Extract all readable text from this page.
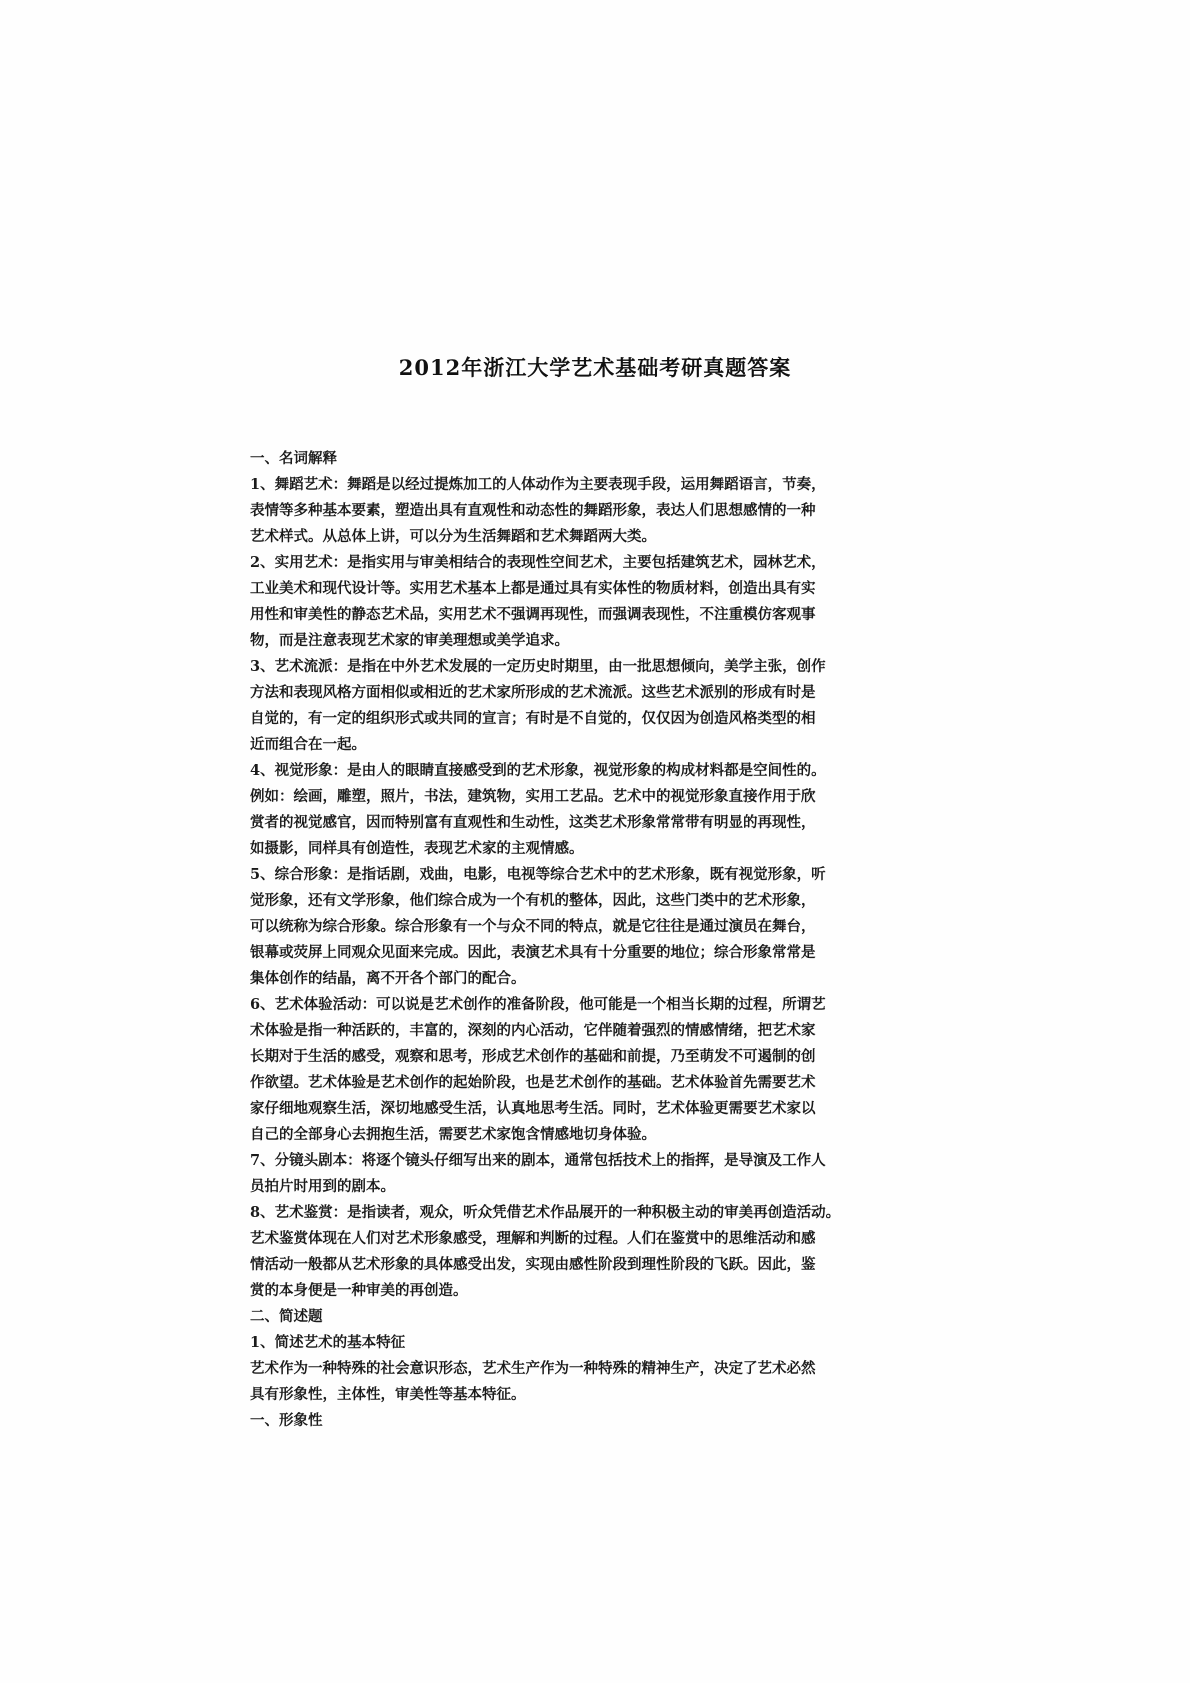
2012年浙江大学艺术基础考研真题答案
一、名词解释
1、舞蹈艺术：舞蹈是以经过提炼加工的人体动作为主要表现手段，运用舞蹈语言，节奏，
表情等多种基本要素，塑造出具有直观性和动态性的舞蹈形象，表达人们思想感情的一种
艺术样式。从总体上讲，可以分为生活舞蹈和艺术舞蹈两大类。
2、实用艺术：是指实用与审美相结合的表现性空间艺术，主要包括建筑艺术，园林艺术，
工业美术和现代设计等。实用艺术基本上都是通过具有实体性的物质材料，创造出具有实
用性和审美性的静态艺术品，实用艺术不强调再现性，而强调表现性，不注重模仿客观事
物，而是注意表现艺术家的审美理想或美学追求。
3、艺术流派：是指在中外艺术发展的一定历史时期里，由一批思想倾向，美学主张，创作
方法和表现风格方面相似或相近的艺术家所形成的艺术流派。这些艺术派别的形成有时是
自觉的，有一定的组织形式或共同的宣言；有时是不自觉的，仅仅因为创造风格类型的相
近而组合在一起。
4、视觉形象：是由人的眼睛直接感受到的艺术形象，视觉形象的构成材料都是空间性的。
例如：绘画，雕塑，照片，书法，建筑物，实用工艺品。艺术中的视觉形象直接作用于欣
赏者的视觉感官，因而特别富有直观性和生动性，这类艺术形象常常带有明显的再现性，
如摄影，同样具有创造性，表现艺术家的主观情感。
5、综合形象：是指话剧，戏曲，电影，电视等综合艺术中的艺术形象，既有视觉形象，听
觉形象，还有文学形象，他们综合成为一个有机的整体，因此，这些门类中的艺术形象，
可以统称为综合形象。综合形象有一个与众不同的特点，就是它往往是通过演员在舞台，
银幕或荧屏上同观众见面来完成。因此，表演艺术具有十分重要的地位；综合形象常常是
集体创作的结晶，离不开各个部门的配合。
6、艺术体验活动：可以说是艺术创作的准备阶段，他可能是一个相当长期的过程，所谓艺
术体验是指一种活跃的，丰富的，深刻的内心活动，它伴随着强烈的情感情绪，把艺术家
长期对于生活的感受，观察和思考，形成艺术创作的基础和前提，乃至萌发不可遏制的创
作欲望。艺术体验是艺术创作的起始阶段，也是艺术创作的基础。艺术体验首先需要艺术
家仔细地观察生活，深切地感受生活，认真地思考生活。同时，艺术体验更需要艺术家以
自己的全部身心去拥抱生活，需要艺术家饱含情感地切身体验。
7、分镜头剧本：将逐个镜头仔细写出来的剧本，通常包括技术上的指挥，是导演及工作人
员拍片时用到的剧本。
8、艺术鉴赏：是指读者，观众，听众凭借艺术作品展开的一种积极主动的审美再创造活动。
艺术鉴赏体现在人们对艺术形象感受，理解和判断的过程。人们在鉴赏中的思维活动和感
情活动一般都从艺术形象的具体感受出发，实现由感性阶段到理性阶段的飞跃。因此，鉴
赏的本身便是一种审美的再创造。
二、简述题
1、简述艺术的基本特征
艺术作为一种特殊的社会意识形态，艺术生产作为一种特殊的精神生产，决定了艺术必然
具有形象性，主体性，审美性等基本特征。
一、形象性
